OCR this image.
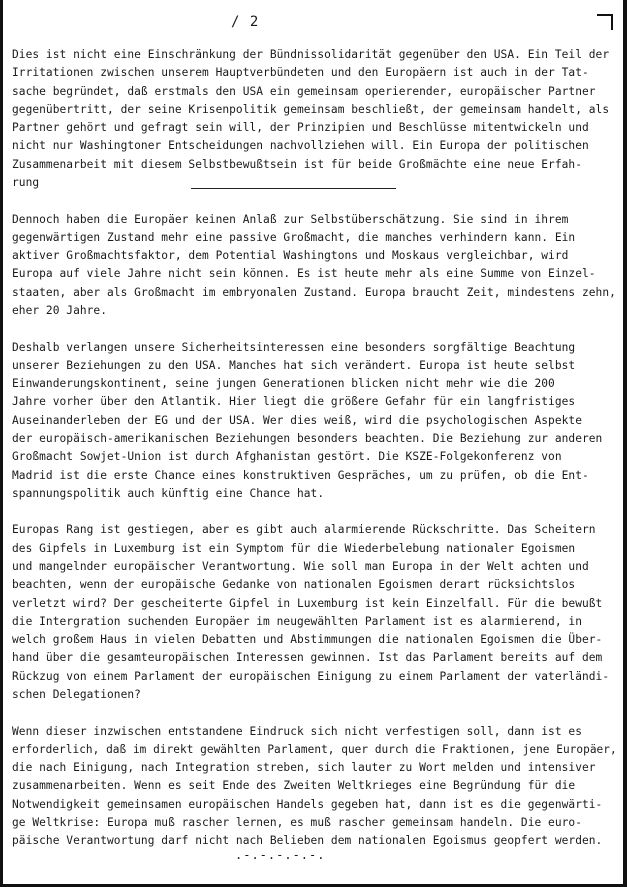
/ 2
Dies ist nicht eine Einschränkung der Bündnissolidarität gegenüber den USA. Ein Teil der
Irritationen zwischen unserem Hauptverbündeten und den Europäern ist auch in der Tat-
sache begründet, daß erstmals den USA ein gemeinsam operierender, europäischer Partner
gegenübertritt, der seine Krisenpolitik gemeinsam beschließt, der gemeinsam handelt, als
Partner gehört und gefragt sein will, der Prinzipien und Beschlüsse mitentwickeln und
nicht nur Washingtoner Entscheidungen nachvollziehen will. Ein Europa der politischen
Zusammenarbeit mit diesem Selbstbewußtsein ist für beide Großmächte eine neue Erfah-
rung
Dennoch haben die Europäer keinen Anlaß zur Selbstüberschätzung. Sie sind in ihrem
gegenwärtigen Zustand mehr eine passive Großmacht, die manches verhindern kann. Ein
aktiver Großmachtsfaktor, dem Potential Washingtons und Moskaus vergleichbar, wird
Europa auf viele Jahre nicht sein können. Es ist heute mehr als eine Summe von Einzel-
staaten, aber als Großmacht im embryonalen Zustand. Europa braucht Zeit, mindestens zehn,
eher 20 Jahre.
Deshalb verlangen unsere Sicherheitsinteressen eine besonders sorgfältige Beachtung
unserer Beziehungen zu den USA. Manches hat sich verändert. Europa ist heute selbst
Einwanderungskontinent, seine jungen Generationen blicken nicht mehr wie die 200
Jahre vorher über den Atlantik. Hier liegt die größere Gefahr für ein langfristiges
Auseinanderleben der EG und der USA. Wer dies weiß, wird die psychologischen Aspekte
der europäisch-amerikanischen Beziehungen besonders beachten. Die Beziehung zur anderen
Großmacht Sowjet-Union ist durch Afghanistan gestört. Die KSZE-Folgekonferenz von
Madrid ist die erste Chance eines konstruktiven Gespräches, um zu prüfen, ob die Ent-
spannungspolitik auch künftig eine Chance hat.
Europas Rang ist gestiegen, aber es gibt auch alarmierende Rückschritte. Das Scheitern
des Gipfels in Luxemburg ist ein Symptom für die Wiederbelebung nationaler Egoismen
und mangelnder europäischer Verantwortung. Wie soll man Europa in der Welt achten und
beachten, wenn der europäische Gedanke von nationalen Egoismen derart rücksichtslos
verletzt wird? Der gescheiterte Gipfel in Luxemburg ist kein Einzelfall. Für die bewußt
die Intergration suchenden Europäer im neugewählten Parlament ist es alarmierend, in
welch großem Haus in vielen Debatten und Abstimmungen die nationalen Egoismen die Über-
hand über die gesamteuropäischen Interessen gewinnen. Ist das Parlament bereits auf dem
Rückzug von einem Parlament der europäischen Einigung zu einem Parlament der vaterländi-
schen Delegationen?
Wenn dieser inzwischen entstandene Eindruck sich nicht verfestigen soll, dann ist es
erforderlich, daß im direkt gewählten Parlament, quer durch die Fraktionen, jene Europäer,
die nach Einigung, nach Integration streben, sich lauter zu Wort melden und intensiver
zusammenarbeiten. Wenn es seit Ende des Zweiten Weltkrieges eine Begründung für die
Notwendigkeit gemeinsamen europäischen Handels gegeben hat, dann ist es die gegenwärti-
ge Weltkrise: Europa muß rascher lernen, es muß rascher gemeinsam handeln. Die euro-
päische Verantwortung darf nicht nach Belieben dem nationalen Egoismus geopfert werden.
.-.-.-.-.-.
